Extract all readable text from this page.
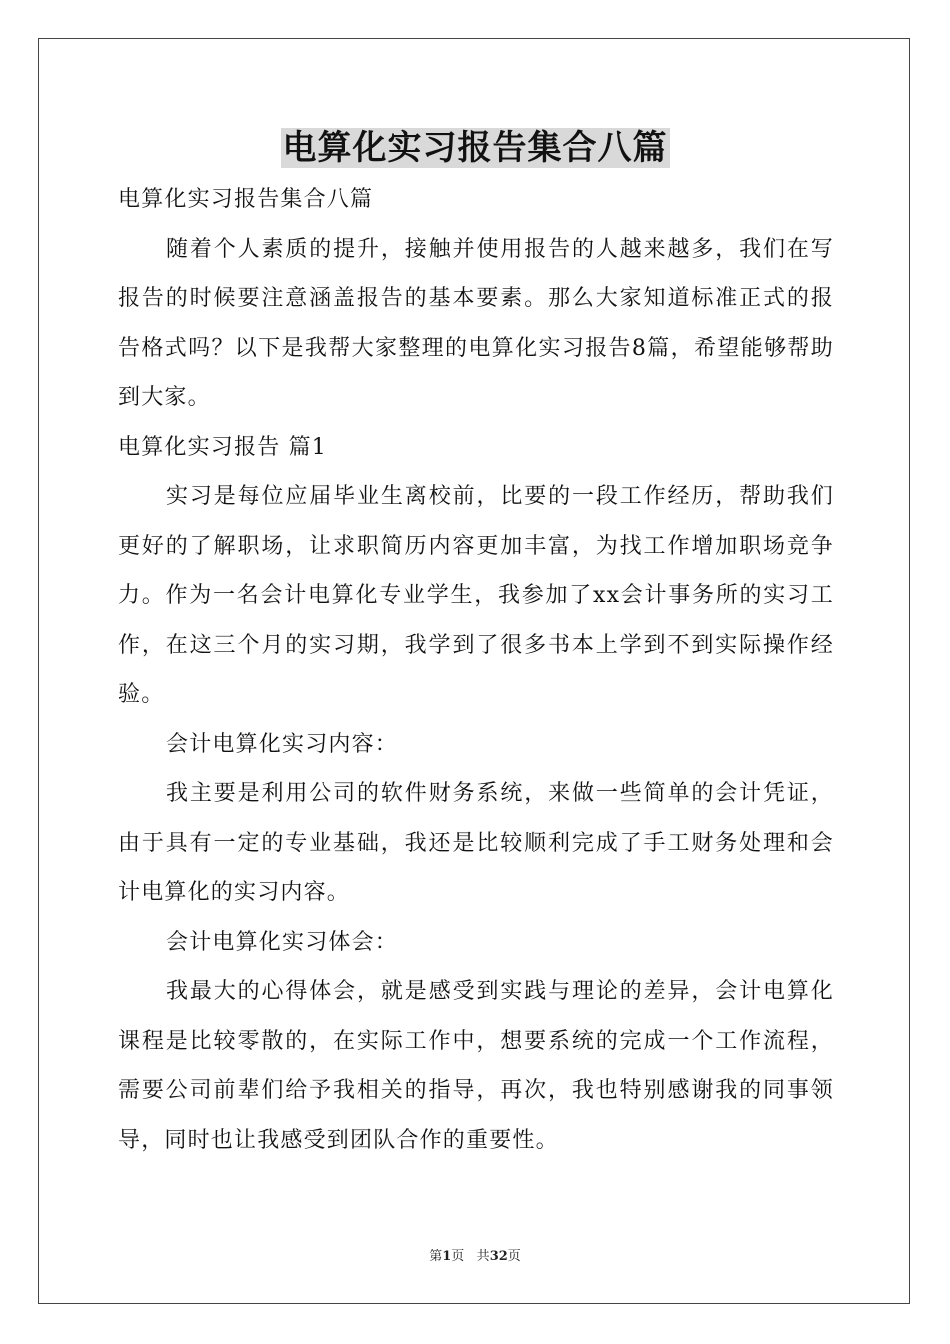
电算化实习报告集合八篇

电算化实习报告集合八篇

随着个人素质的提升，接触并使用报告的人越来越多，我们在写报告的时候要注意涵盖报告的基本要素。那么大家知道标准正式的报告格式吗？以下是我帮大家整理的电算化实习报告8篇，希望能够帮助到大家。

电算化实习报告 篇1

实习是每位应届毕业生离校前，比要的一段工作经历，帮助我们更好的了解职场，让求职简历内容更加丰富，为找工作增加职场竞争力。作为一名会计电算化专业学生，我参加了xx会计事务所的实习工作，在这三个月的实习期，我学到了很多书本上学到不到实际操作经验。

会计电算化实习内容：

我主要是利用公司的软件财务系统，来做一些简单的会计凭证，由于具有一定的专业基础，我还是比较顺利完成了手工财务处理和会计电算化的实习内容。

会计电算化实习体会：

我最大的心得体会，就是感受到实践与理论的差异，会计电算化课程是比较零散的，在实际工作中，想要系统的完成一个工作流程，需要公司前辈们给予我相关的指导，再次，我也特别感谢我的同事领导，同时也让我感受到团队合作的重要性。

第1页 共32页
